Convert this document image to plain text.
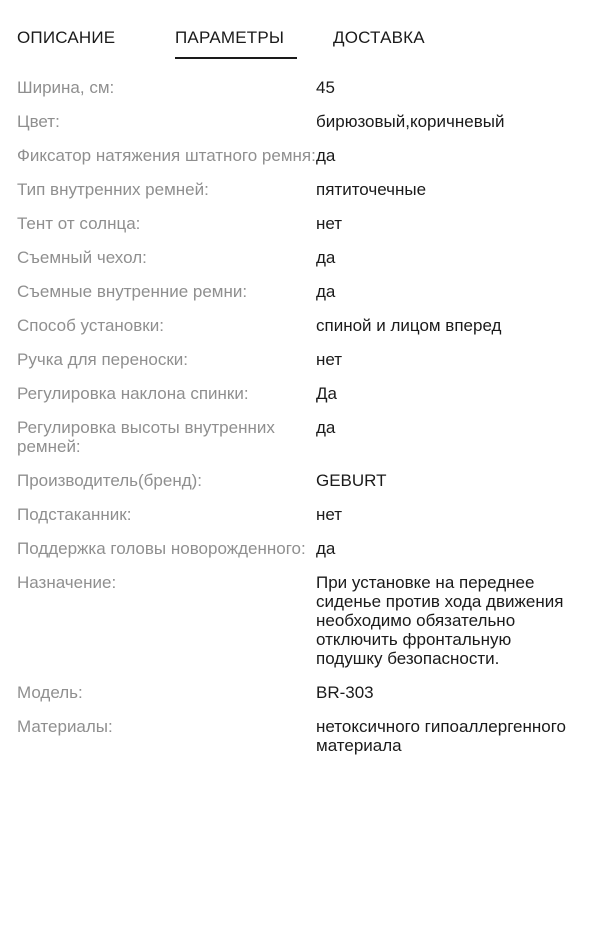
ОПИСАНИЕ	ПАРАМЕТРЫ	ДОСТАВКА
Ширина, см:	45
Цвет:	бирюзовый,коричневый
Фиксатор натяжения штатного ремня: да
Тип внутренних ремней:	пятиточечные
Тент от солнца:	нет
Съемный чехол:	да
Съемные внутренние ремни:	да
Способ установки:	спиной и лицом вперед
Ручка для переноски:	нет
Регулировка наклона спинки:	Да
Регулировка высоты внутренних ремней:
да
Производитель(бренд):	GEBURT
Подстаканник:	нет
Поддержка головы новорожденного: да
Назначение:	При установке на переднее сиденье против хода движения необходимо обязательно отключить фронтальную подушку безопасности.
Модель:	BR-303
Материалы:	нетоксичного гипоаллергенного материала
